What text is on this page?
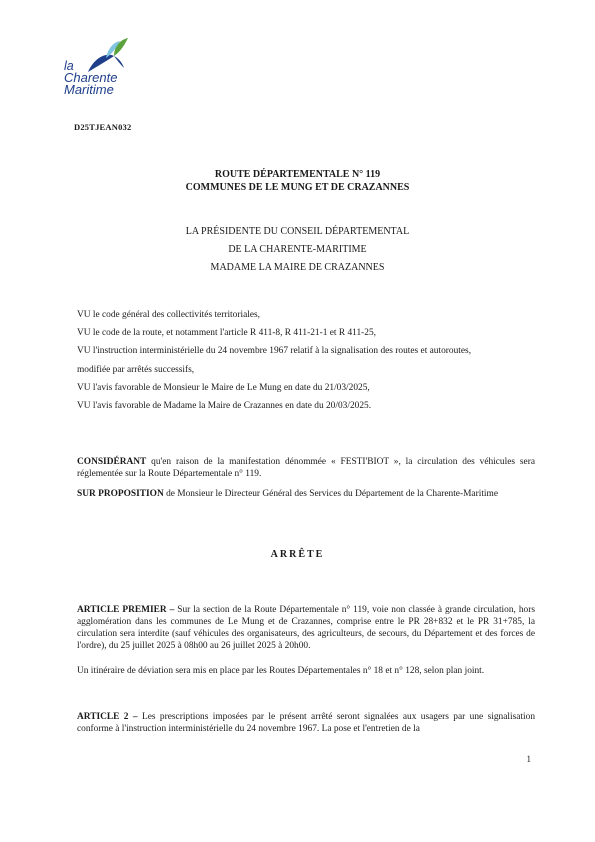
la
Charente
Maritime
D25TJEAN032
ROUTE DÉPARTEMENTALE N° 119
COMMUNES DE LE MUNG ET DE CRAZANNES
LA PRÉSIDENTE DU CONSEIL DÉPARTEMENTAL
DE LA CHARENTE-MARITIME
MADAME LA MAIRE DE CRAZANNES
VU le code général des collectivités territoriales,
VU le code de la route, et notamment l'article R 411-8, R 411-21-1 et R 411-25,
VU l'instruction interministérielle du 24 novembre 1967 relatif à la signalisation des routes et autoroutes,
modifiée par arrêtés successifs,
VU l'avis favorable de Monsieur le Maire de Le Mung en date du 21/03/2025,
VU l'avis favorable de Madame la Maire de Crazannes en date du 20/03/2025.
CONSIDÉRANT qu'en raison de la manifestation dénommée « FESTI'BIOT », la circulation des véhicules sera réglementée sur la Route Départementale n° 119.
SUR PROPOSITION de Monsieur le Directeur Général des Services du Département de la Charente-Maritime
ARRÊTE
ARTICLE PREMIER – Sur la section de la Route Départementale n° 119, voie non classée à grande circulation, hors agglomération dans les communes de Le Mung et de Crazannes, comprise entre le PR 28+832 et le PR 31+785, la circulation sera interdite (sauf véhicules des organisateurs, des agriculteurs, de secours, du Département et des forces de l'ordre), du 25 juillet 2025 à 08h00 au 26 juillet 2025 à 20h00.
Un itinéraire de déviation sera mis en place par les Routes Départementales n° 18 et n° 128, selon plan joint.
ARTICLE 2 – Les prescriptions imposées par le présent arrêté seront signalées aux usagers par une signalisation conforme à l'instruction interministérielle du 24 novembre 1967. La pose et l'entretien de la
1
